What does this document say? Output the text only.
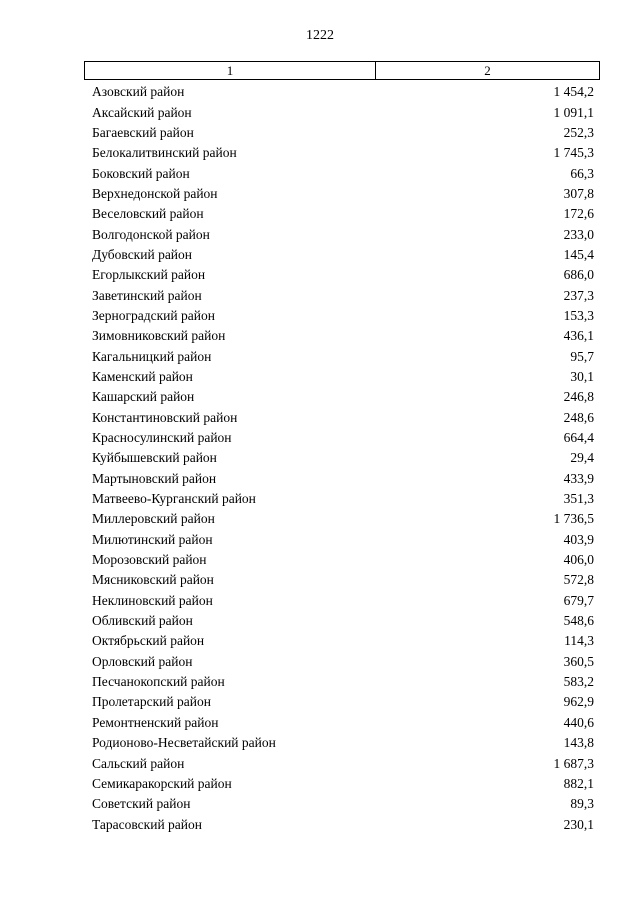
1222
1	2
Азовский район	1 454,2
Аксайский район	1 091,1
Багаевский район	252,3
Белокалитвинский район	1 745,3
Боковский район	66,3
Верхнедонской район	307,8
Веселовский район	172,6
Волгодонской район	233,0
Дубовский район	145,4
Егорлыкский район	686,0
Заветинский район	237,3
Зерноградский район	153,3
Зимовниковский район	436,1
Кагальницкий район	95,7
Каменский район	30,1
Кашарский район	246,8
Константиновский район	248,6
Красносулинский район	664,4
Куйбышевский район	29,4
Мартыновский район	433,9
Матвеево-Курганский район	351,3
Миллеровский район	1 736,5
Милютинский район	403,9
Морозовский район	406,0
Мясниковский район	572,8
Неклиновский район	679,7
Обливский район	548,6
Октябрьский район	114,3
Орловский район	360,5
Песчанокопский район	583,2
Пролетарский район	962,9
Ремонтненский район	440,6
Родионово-Несветайский район	143,8
Сальский район	1 687,3
Семикаракорский район	882,1
Советский район	89,3
Тарасовский район	230,1
